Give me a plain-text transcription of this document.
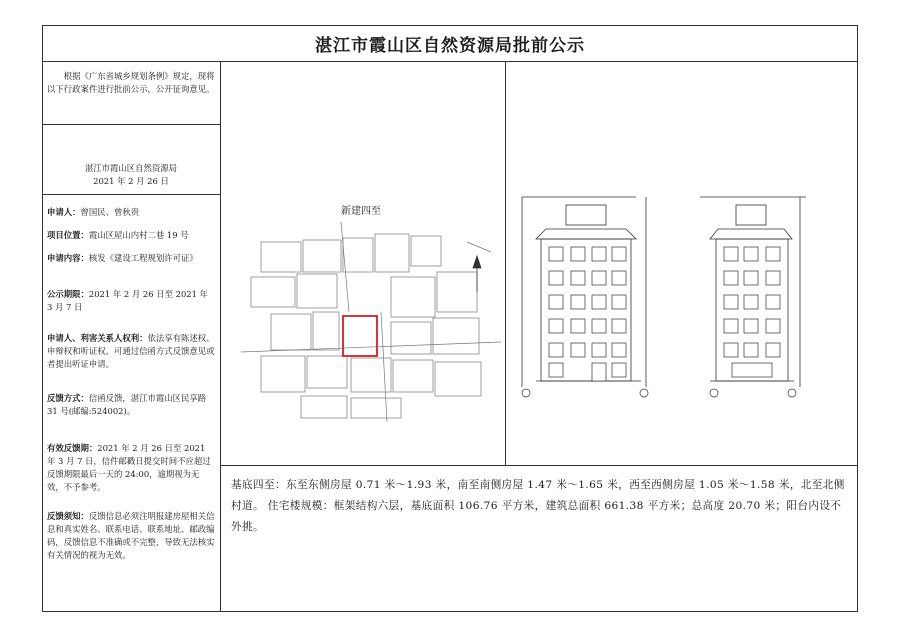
湛江市霞山区自然资源局批前公示
根据《广东省城乡规划条例》规定，现将以下行政案件进行批前公示，公开征询意见。
湛江市霞山区自然资源局
2021 年 2 月 26 日
申请人：曾国民、曾秋贵
项目位置：霞山区屋山内村二巷 19 号
申请内容：核发《建设工程规划许可证》
公示期限：2021 年 2 月 26 日至 2021 年 3 月 7 日
申请人、利害关系人权利：依法享有陈述权、申辩权和听证权。可通过信函方式反馈意见或者提出听证申请。
反馈方式：信函反馈，湛江市霞山区民享路 31 号(邮编:524002)。
有效反馈期：2021 年 2 月 26 日至 2021 年 3 月 7 日，信件邮戳日提交时间不应超过反馈期限最后一天的 24:00，逾期视为无效，不予参考。
反馈须知：反馈信息必须注明报建房屋相关信息和真实姓名、联系电话、联系地址、邮政编码，反馈信息不准确或不完整，导致无法核实有关情况的视为无效。
新建四至
基底四至：东至东侧房屋 0.71 米～1.93 米，南至南侧房屋 1.47 米～1.65 米，西至西侧房屋 1.05 米～1.58 米，北至北侧村道。 住宅楼规模：框架结构六层，基底面积 106.76 平方米，建筑总面积 661.38 平方米；总高度 20.70 米；阳台内设不外挑。
